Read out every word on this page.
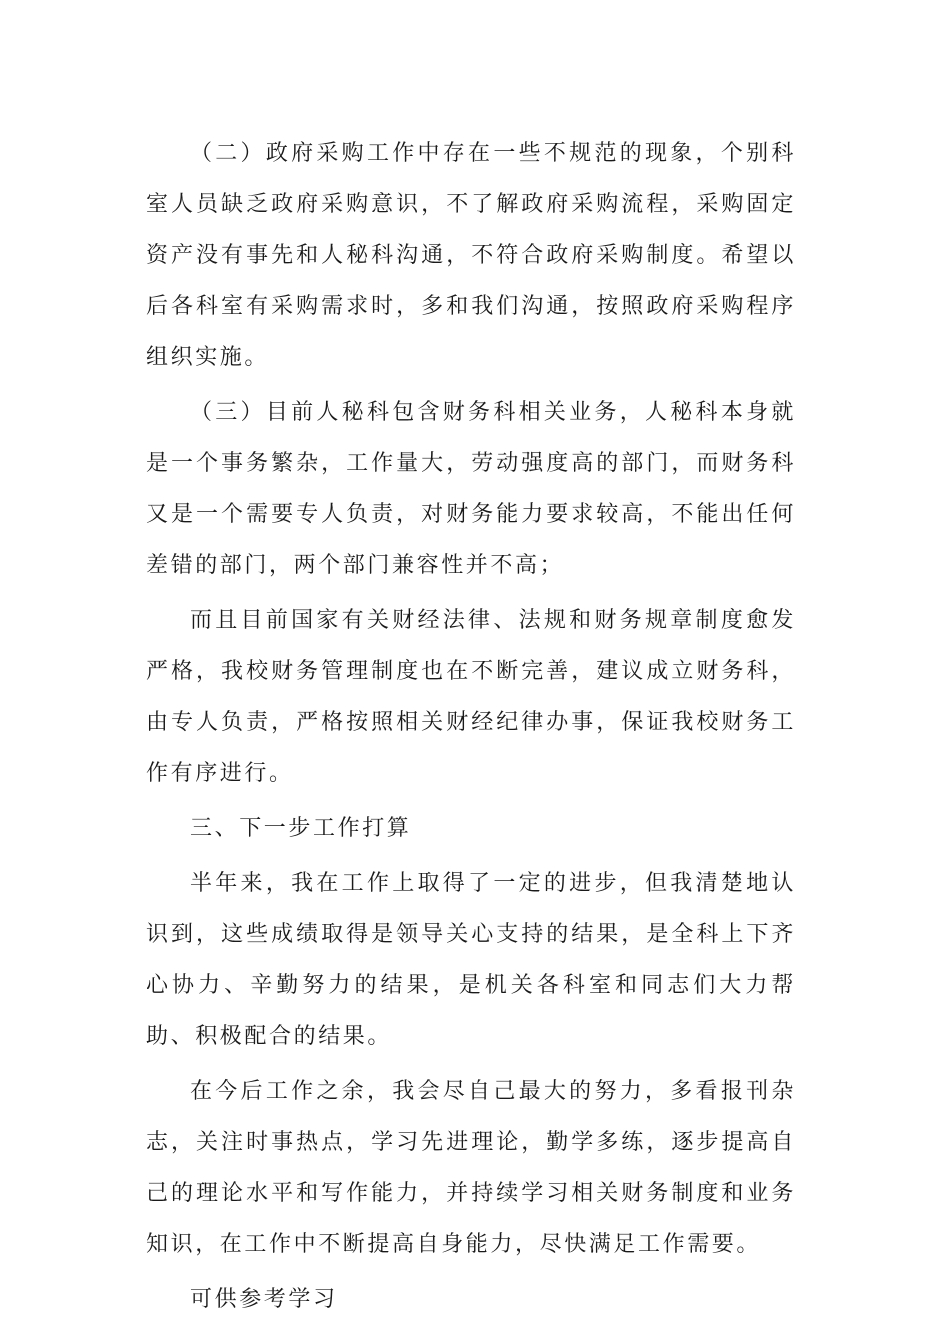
（二）政府采购工作中存在一些不规范的现象，个别科室人员缺乏政府采购意识，不了解政府采购流程，采购固定资产没有事先和人秘科沟通，不符合政府采购制度。希望以后各科室有采购需求时，多和我们沟通，按照政府采购程序组织实施。

（三）目前人秘科包含财务科相关业务，人秘科本身就是一个事务繁杂，工作量大，劳动强度高的部门，而财务科又是一个需要专人负责，对财务能力要求较高，不能出任何差错的部门，两个部门兼容性并不高；

而且目前国家有关财经法律、法规和财务规章制度愈发严格，我校财务管理制度也在不断完善，建议成立财务科，由专人负责，严格按照相关财经纪律办事，保证我校财务工作有序进行。

三、下一步工作打算

半年来，我在工作上取得了一定的进步，但我清楚地认识到，这些成绩取得是领导关心支持的结果，是全科上下齐心协力、辛勤努力的结果，是机关各科室和同志们大力帮助、积极配合的结果。

在今后工作之余，我会尽自己最大的努力，多看报刊杂志，关注时事热点，学习先进理论，勤学多练，逐步提高自己的理论水平和写作能力，并持续学习相关财务制度和业务知识，在工作中不断提高自身能力，尽快满足工作需要。

可供参考学习
